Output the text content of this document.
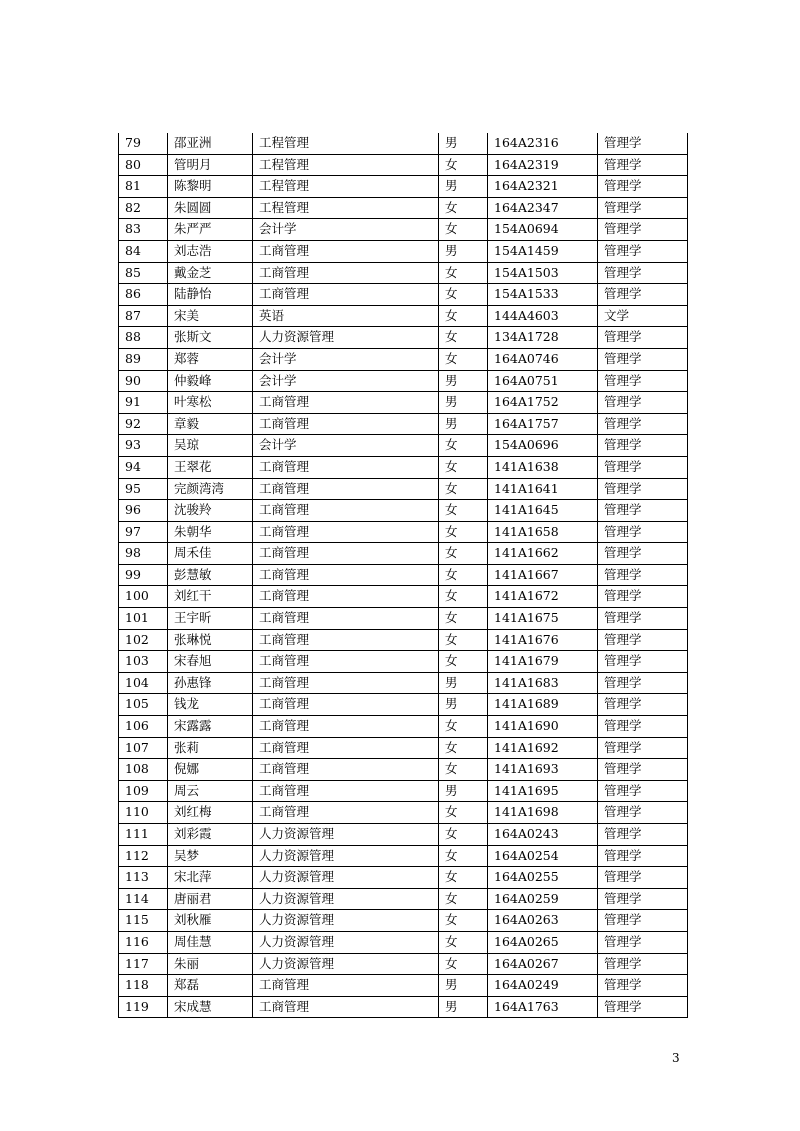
79	邵亚洲	工程管理	男	164A2316	管理学
80	管明月	工程管理	女	164A2319	管理学
81	陈黎明	工程管理	男	164A2321	管理学
82	朱圆圆	工程管理	女	164A2347	管理学
83	朱严严	会计学	女	154A0694	管理学
84	刘志浩	工商管理	男	154A1459	管理学
85	戴金芝	工商管理	女	154A1503	管理学
86	陆静怡	工商管理	女	154A1533	管理学
87	宋美	英语	女	144A4603	文学
88	张斯文	人力资源管理	女	134A1728	管理学
89	郑蓉	会计学	女	164A0746	管理学
90	仲毅峰	会计学	男	164A0751	管理学
91	叶寒松	工商管理	男	164A1752	管理学
92	章毅	工商管理	男	164A1757	管理学
93	吴琼	会计学	女	154A0696	管理学
94	王翠花	工商管理	女	141A1638	管理学
95	完颜湾湾	工商管理	女	141A1641	管理学
96	沈骏羚	工商管理	女	141A1645	管理学
97	朱朝华	工商管理	女	141A1658	管理学
98	周禾佳	工商管理	女	141A1662	管理学
99	彭慧敏	工商管理	女	141A1667	管理学
100	刘红干	工商管理	女	141A1672	管理学
101	王宇昕	工商管理	女	141A1675	管理学
102	张琳悦	工商管理	女	141A1676	管理学
103	宋春旭	工商管理	女	141A1679	管理学
104	孙惠锋	工商管理	男	141A1683	管理学
105	钱龙	工商管理	男	141A1689	管理学
106	宋露露	工商管理	女	141A1690	管理学
107	张莉	工商管理	女	141A1692	管理学
108	倪娜	工商管理	女	141A1693	管理学
109	周云	工商管理	男	141A1695	管理学
110	刘红梅	工商管理	女	141A1698	管理学
111	刘彩霞	人力资源管理	女	164A0243	管理学
112	吴梦	人力资源管理	女	164A0254	管理学
113	宋北萍	人力资源管理	女	164A0255	管理学
114	唐丽君	人力资源管理	女	164A0259	管理学
115	刘秋雁	人力资源管理	女	164A0263	管理学
116	周佳慧	人力资源管理	女	164A0265	管理学
117	朱丽	人力资源管理	女	164A0267	管理学
118	郑磊	工商管理	男	164A0249	管理学
119	宋成慧	工商管理	男	164A1763	管理学
3
